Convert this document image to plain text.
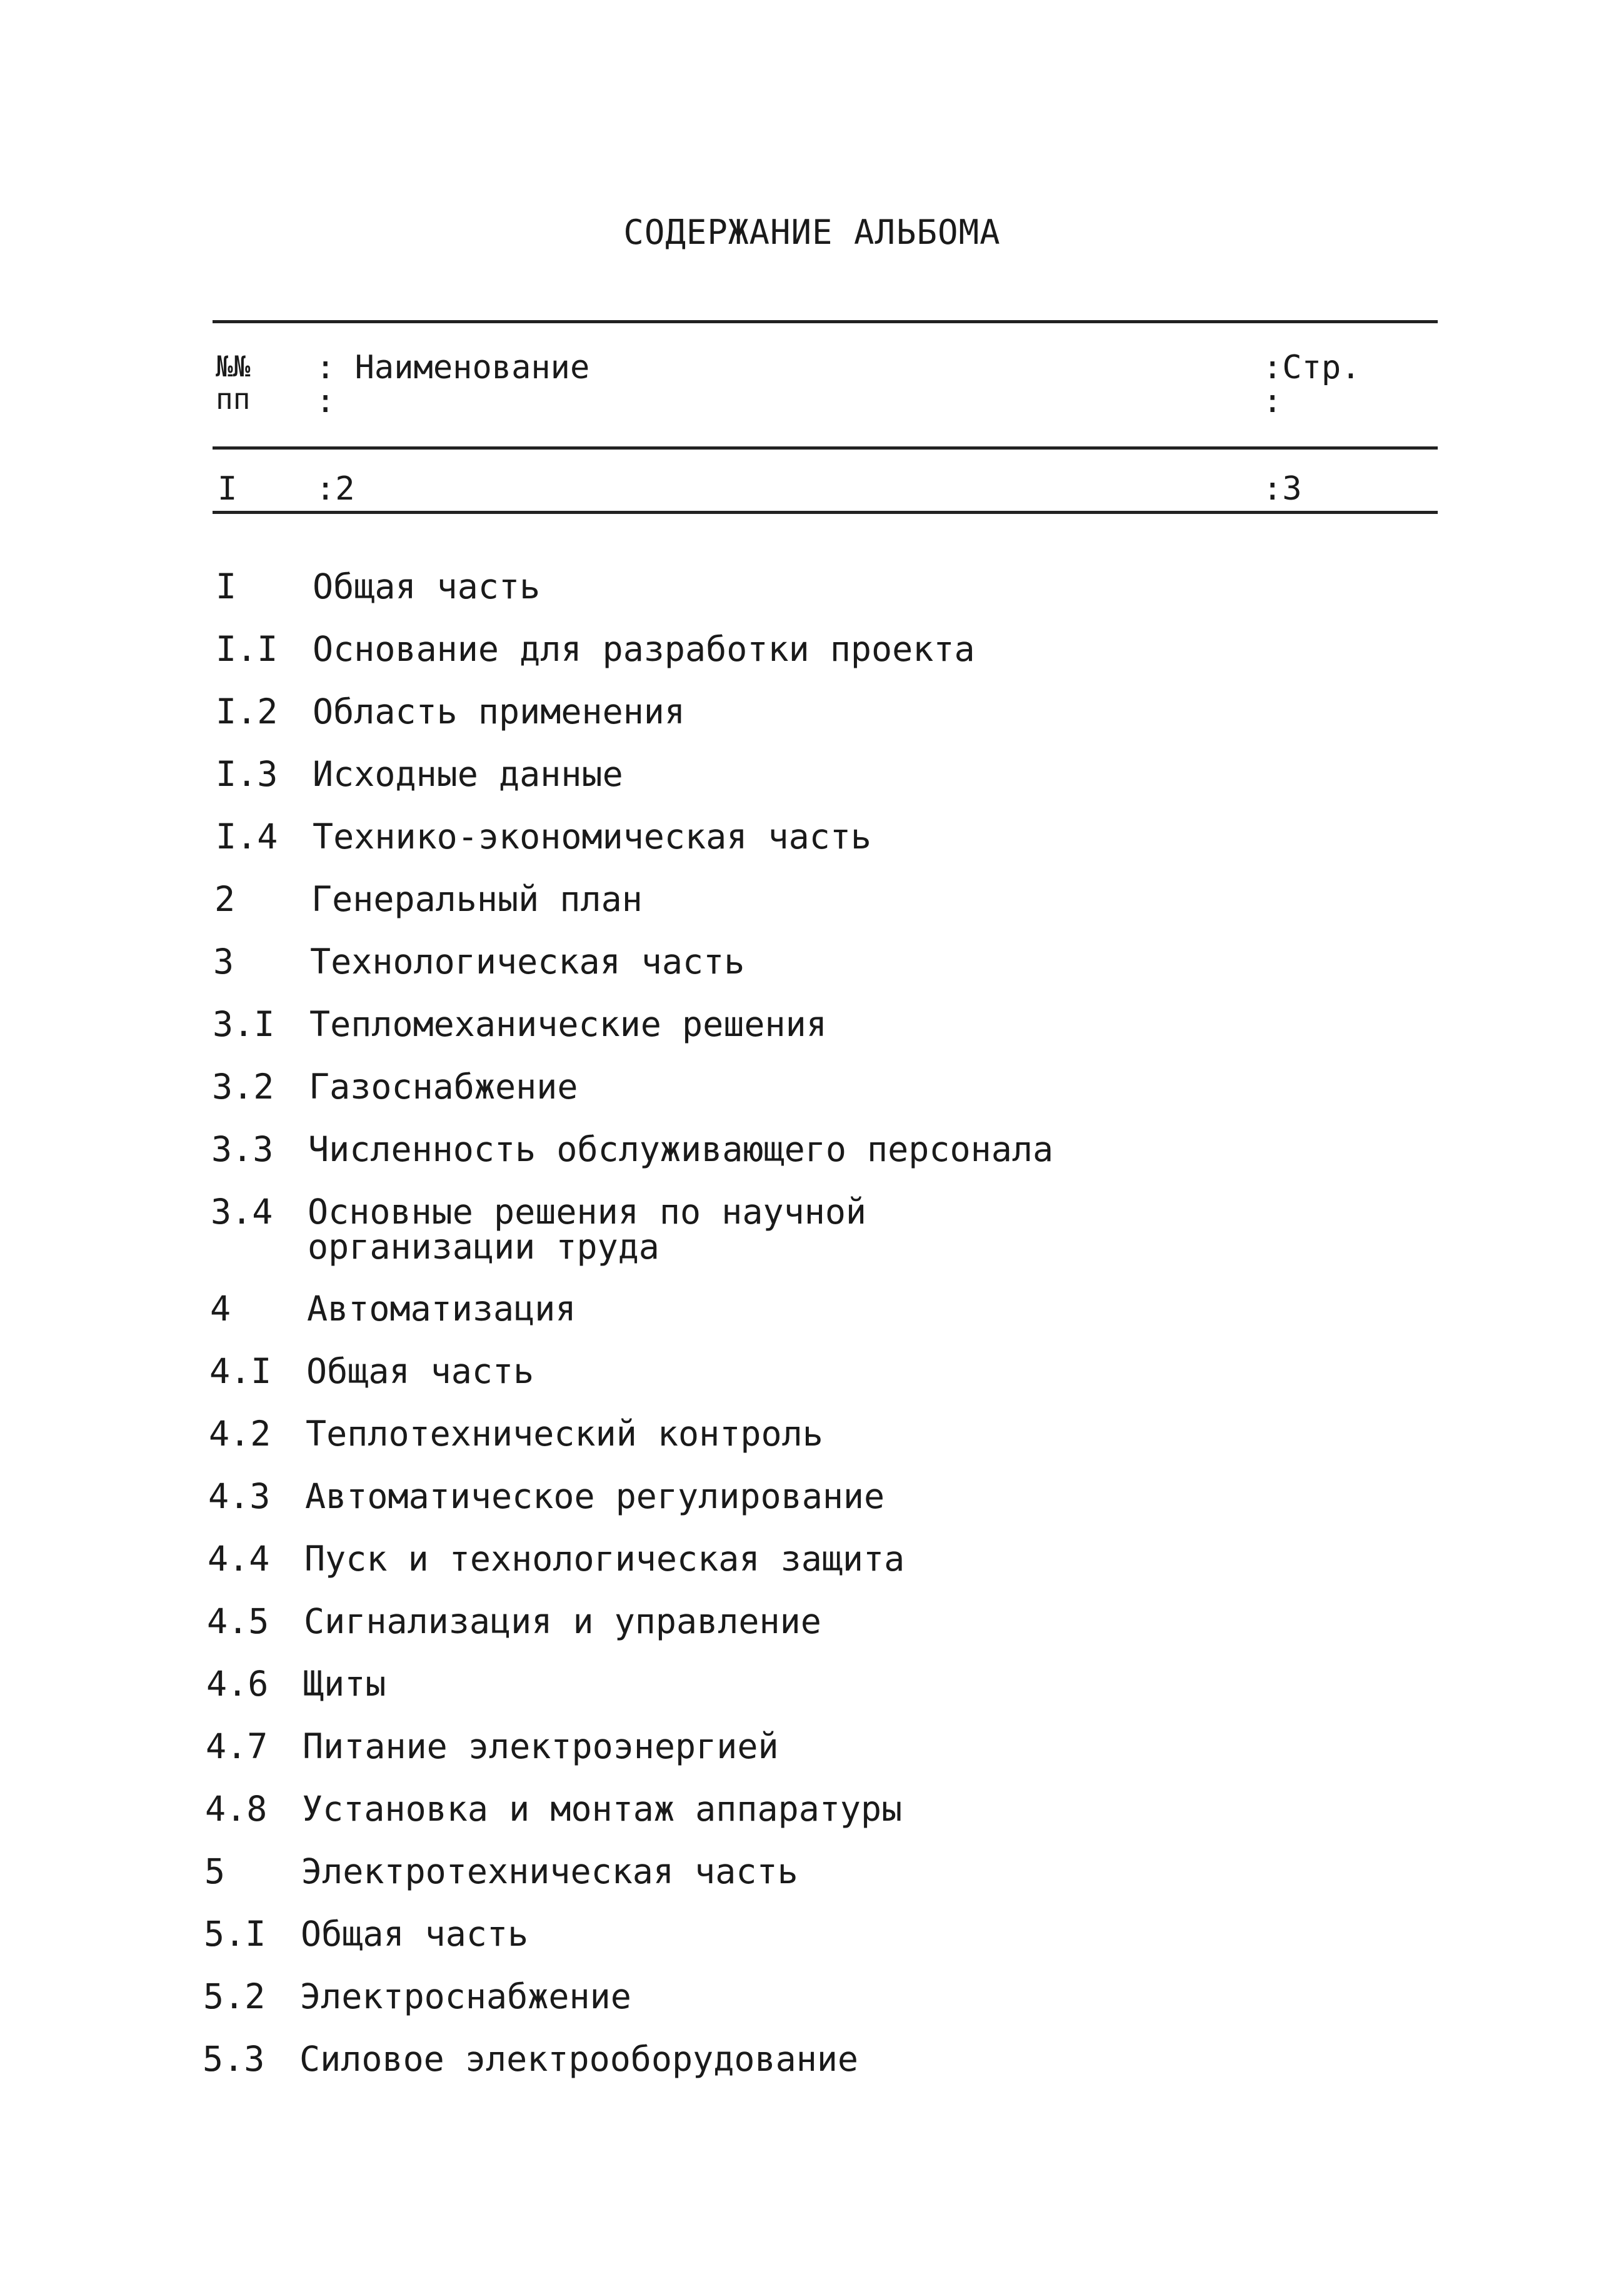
СОДЕРЖАНИЕ АЛЬБОМА
№№
пп
: Наименование
:
:Стр.
:
I :2	:3
I Общая часть
I.I Основание для разработки проекта
I.2 Область применения
I.3 Исходные данные
I.4 Технико-экономическая часть
2 Генеральный план
3 Технологическая часть
3.I Тепломеханические решения
3.2 Газоснабжение
3.3 Численность обслуживающего персонала
3.4 Основные решения по научной организации труда
4 Автоматизация
4.I Общая часть
4.2 Теплотехнический контроль
4.3 Автоматическое регулирование
4.4 Пуск и технологическая защита
4.5 Сигнализация и управление
4.6 Щиты
4.7 Питание электроэнергией
4.8 Установка и монтаж аппаратуры
5 Электротехническая часть
5.I Общая часть
5.2 Электроснабжение
5.3 Силовое электрооборудование
